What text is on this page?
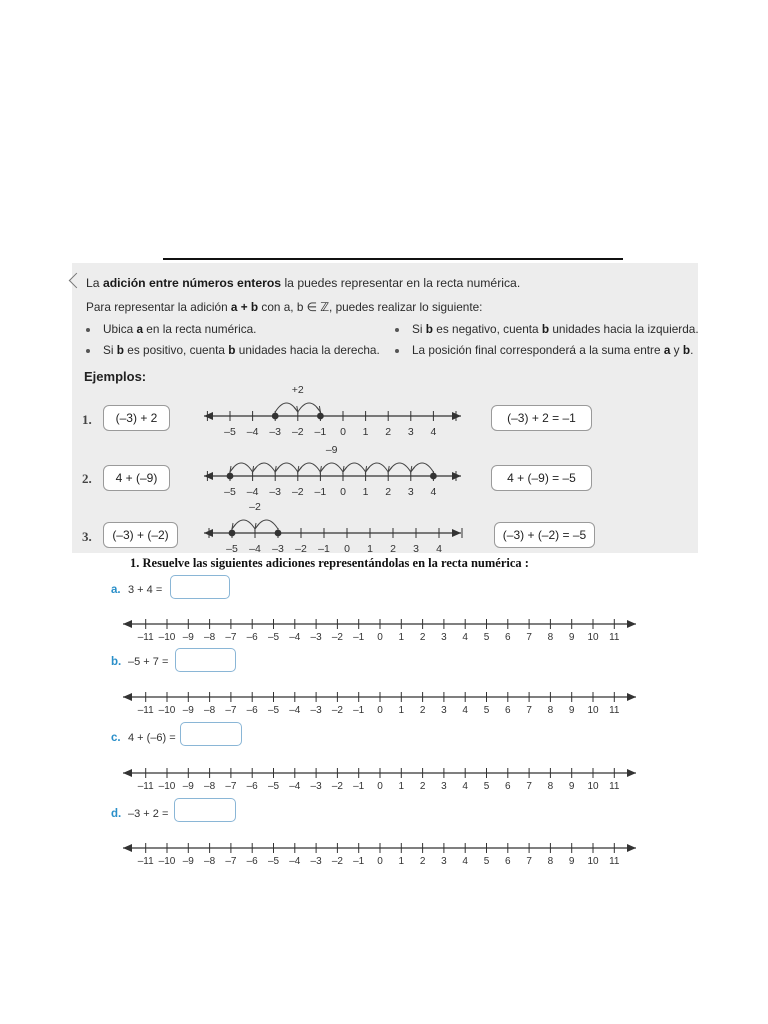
La adición entre números enteros la puedes representar en la recta numérica.
Para representar la adición a + b con a, b ∈ ℤ, puedes realizar lo siguiente:
Ubica a en la recta numérica.
Si b es positivo, cuenta b unidades hacia la derecha.
Si b es negativo, cuenta b unidades hacia la izquierda.
La posición final corresponderá a la suma entre a y b.
Ejemplos:
1.	(–3) + 2	(–3) + 2 = –1
2.	4 + (–9)	4 + (–9) = –5
3.	(–3) + (–2)	(–3) + (–2) = –5
–5 –4 –3 –2 –1 0 1 2 3 4
+2
–5 –4 –3 –2 –1 0 1 2 3 4
–9
–5 –4 –3 –2 –1 0 1 2 3 4
–2
1. Resuelve las siguientes adiciones representándolas en la recta numérica :
a. 3 + 4 =
b. –5 + 7 =
c. 4 + (–6) =
d. –3 + 2 =
–11 –10 –9 –8 –7 –6 –5 –4 –3 –2 –1 0 1 2 3 4 5 6 7 8 9 10 11
–11 –10 –9 –8 –7 –6 –5 –4 –3 –2 –1 0 1 2 3 4 5 6 7 8 9 10 11
–11 –10 –9 –8 –7 –6 –5 –4 –3 –2 –1 0 1 2 3 4 5 6 7 8 9 10 11
–11 –10 –9 –8 –7 –6 –5 –4 –3 –2 –1 0 1 2 3 4 5 6 7 8 9 10 11
